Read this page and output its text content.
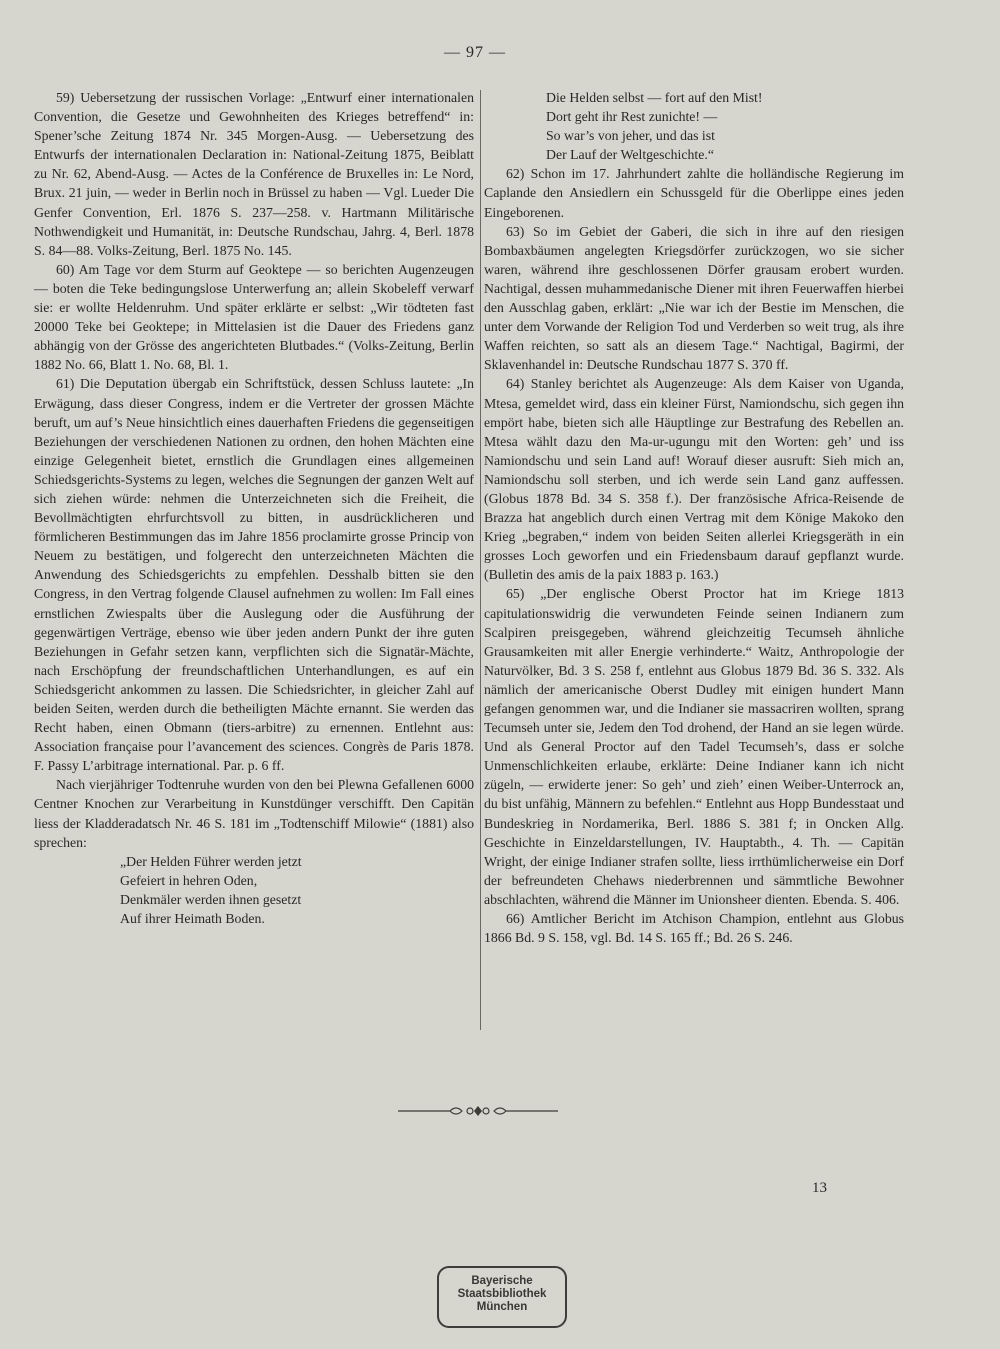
— 97 —

59) Uebersetzung der russischen Vorlage: „Entwurf einer internationalen Convention, die Gesetze und Gewohnheiten des Krieges betreffend“ in: Spener’sche Zeitung 1874 Nr. 345 Morgen-Ausg. — Uebersetzung des Entwurfs der internationalen Declaration in: National-Zeitung 1875, Beiblatt zu Nr. 62, Abend-Ausg. — Actes de la Conférence de Bruxelles in: Le Nord, Brux. 21 juin, — weder in Berlin noch in Brüssel zu haben — Vgl. Lueder Die Genfer Convention, Erl. 1876 S. 237—258. v. Hartmann Militärische Nothwendigkeit und Humanität, in: Deutsche Rundschau, Jahrg. 4, Berl. 1878 S. 84—88. Volks-Zeitung, Berl. 1875 No. 145.

60) Am Tage vor dem Sturm auf Geoktepe — so berichten Augenzeugen — boten die Teke bedingungslose Unterwerfung an; allein Skobeleff verwarf sie: er wollte Heldenruhm. Und später erklärte er selbst: „Wir tödteten fast 20000 Teke bei Geoktepe; in Mittelasien ist die Dauer des Friedens ganz abhängig von der Grösse des angerichteten Blutbades.“ (Volks-Zeitung, Berlin 1882 No. 66, Blatt 1. No. 68, Bl. 1.

61) Die Deputation übergab ein Schriftstück, dessen Schluss lautete: „In Erwägung, dass dieser Congress, indem er die Vertreter der grossen Mächte beruft, um auf’s Neue hinsichtlich eines dauerhaften Friedens die gegenseitigen Beziehungen der verschiedenen Nationen zu ordnen, den hohen Mächten eine einzige Gelegenheit bietet, ernstlich die Grundlagen eines allgemeinen Schiedsgerichts-Systems zu legen, welches die Segnungen der ganzen Welt auf sich ziehen würde: nehmen die Unterzeichneten sich die Freiheit, die Bevollmächtigten ehrfurchtsvoll zu bitten, in ausdrücklicheren und förmlicheren Bestimmungen das im Jahre 1856 proclamirte grosse Princip von Neuem zu bestätigen, und folgerecht den unterzeichneten Mächten die Anwendung des Schiedsgerichts zu empfehlen. Desshalb bitten sie den Congress, in den Vertrag folgende Clausel aufnehmen zu wollen: Im Fall eines ernstlichen Zwiespalts über die Auslegung oder die Ausführung der gegenwärtigen Verträge, ebenso wie über jeden andern Punkt der ihre guten Beziehungen in Gefahr setzen kann, verpflichten sich die Signatär-Mächte, nach Erschöpfung der freundschaftlichen Unterhandlungen, es auf ein Schiedsgericht ankommen zu lassen. Die Schiedsrichter, in gleicher Zahl auf beiden Seiten, werden durch die betheiligten Mächte ernannt. Sie werden das Recht haben, einen Obmann (tiers-arbitre) zu ernennen. Entlehnt aus: Association française pour l’avancement des sciences. Congrès de Paris 1878. F. Passy L’arbitrage international. Par. p. 6 ff.

Nach vierjähriger Todtenruhe wurden von den bei Plewna Gefallenen 6000 Centner Knochen zur Verarbeitung in Kunstdünger verschifft. Den Capitän liess der Kladderadatsch Nr. 46 S. 181 im „Todtenschiff Milowie“ (1881) also sprechen:

„Der Helden Führer werden jetzt
Gefeiert in hehren Oden,
Denkmäler werden ihnen gesetzt
Auf ihrer Heimath Boden.
Die Helden selbst — fort auf den Mist!
Dort geht ihr Rest zunichte! —
So war’s von jeher, und das ist
Der Lauf der Weltgeschichte.“

62) Schon im 17. Jahrhundert zahlte die holländische Regierung im Caplande den Ansiedlern ein Schussgeld für die Oberlippe eines jeden Eingeborenen.

63) So im Gebiet der Gaberi, die sich in ihre auf den riesigen Bombaxbäumen angelegten Kriegsdörfer zurückzogen, wo sie sicher waren, während ihre geschlossenen Dörfer grausam erobert wurden. Nachtigal, dessen muhammedanische Diener mit ihren Feuerwaffen hierbei den Ausschlag gaben, erklärt: „Nie war ich der Bestie im Menschen, die unter dem Vorwande der Religion Tod und Verderben so weit trug, als ihre Waffen reichten, so satt als an diesem Tage.“ Nachtigal, Bagirmi, der Sklavenhandel in: Deutsche Rundschau 1877 S. 370 ff.

64) Stanley berichtet als Augenzeuge: Als dem Kaiser von Uganda, Mtesa, gemeldet wird, dass ein kleiner Fürst, Namiondschu, sich gegen ihn empört habe, bieten sich alle Häuptlinge zur Bestrafung des Rebellen an. Mtesa wählt dazu den Ma-ur-ugungu mit den Worten: geh’ und iss Namiondschu und sein Land auf! Worauf dieser ausruft: Sieh mich an, Namiondschu soll sterben, und ich werde sein Land ganz auffessen. (Globus 1878 Bd. 34 S. 358 f.). Der französische Africa-Reisende de Brazza hat angeblich durch einen Vertrag mit dem Könige Makoko den Krieg „begraben,“ indem von beiden Seiten allerlei Kriegsgeräth in ein grosses Loch geworfen und ein Friedensbaum darauf gepflanzt wurde. (Bulletin des amis de la paix 1883 p. 163.)

65) „Der englische Oberst Proctor hat im Kriege 1813 capitulationswidrig die verwundeten Feinde seinen Indianern zum Scalpiren preisgegeben, während gleichzeitig Tecumseh ähnliche Grausamkeiten mit aller Energie verhinderte.“ Waitz, Anthropologie der Naturvölker, Bd. 3 S. 258 f, entlehnt aus Globus 1879 Bd. 36 S. 332. Als nämlich der americanische Oberst Dudley mit einigen hundert Mann gefangen genommen war, und die Indianer sie massacriren wollten, sprang Tecumseh unter sie, Jedem den Tod drohend, der Hand an sie legen würde. Und als General Proctor auf den Tadel Tecumseh’s, dass er solche Unmenschlichkeiten erlaube, erklärte: Deine Indianer kann ich nicht zügeln, — erwiderte jener: So geh’ und zieh’ einen Weiber-Unterrock an, du bist unfähig, Männern zu befehlen.“ Entlehnt aus Hopp Bundesstaat und Bundeskrieg in Nordamerika, Berl. 1886 S. 381 f; in Oncken Allg. Geschichte in Einzeldarstellungen, IV. Hauptabth., 4. Th. — Capitän Wright, der einige Indianer strafen sollte, liess irrthümlicherweise ein Dorf der befreundeten Chehaws niederbrennen und sämmtliche Bewohner abschlachten, während die Männer im Unionsheer dienten. Ebenda. S. 406.

66) Amtlicher Bericht im Atchison Champion, entlehnt aus Globus 1866 Bd. 9 S. 158, vgl. Bd. 14 S. 165 ff.; Bd. 26 S. 246.

13
Bayerische
Staatsbibliothek
München
